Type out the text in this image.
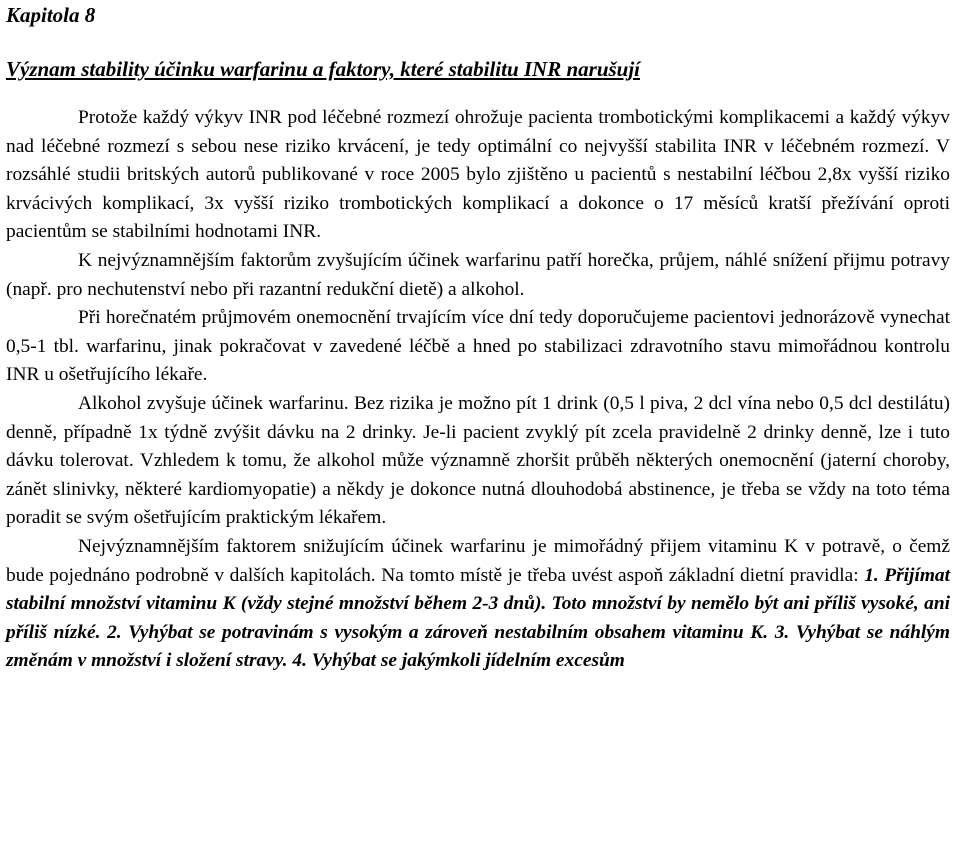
Kapitola 8
Význam stability účinku warfarinu a faktory, které stabilitu INR narušují

Protože každý výkyv INR pod léčebné rozmezí ohrožuje pacienta trombotickými komplikacemi a každý výkyv nad léčebné rozmezí s sebou nese riziko krvácení, je tedy optimální co nejvyšší stabilita INR v léčebném rozmezí. V rozsáhlé studii britských autorů publikované v roce 2005 bylo zjištěno u pacientů s nestabilní léčbou 2,8x vyšší riziko krvácivých komplikací, 3x vyšší riziko trombotických komplikací a dokonce o 17 měsíců kratší přežívání oproti pacientům se stabilními hodnotami INR.

K nejvýznamnějším faktorům zvyšujícím účinek warfarinu patří horečka, průjem, náhlé snížení přijmu potravy (např. pro nechutenství nebo při razantní redukční dietě) a alkohol.

Při horečnatém průjmovém onemocnění trvajícím více dní tedy doporučujeme pacientovi jednorázově vynechat 0,5-1 tbl. warfarinu, jinak pokračovat v zavedené léčbě a hned po stabilizaci zdravotního stavu mimořádnou kontrolu INR u ošetřujícího lékaře.

Alkohol zvyšuje účinek warfarinu. Bez rizika je možno pít 1 drink (0,5 l piva, 2 dcl vína nebo 0,5 dcl destilátu) denně, případně 1x týdně zvýšit dávku na 2 drinky. Je-li pacient zvyklý pít zcela pravidelně 2 drinky denně, lze i tuto dávku tolerovat. Vzhledem k tomu, že alkohol může významně zhoršit průběh některých onemocnění (jaterní choroby, zánět slinivky, některé kardiomyopatie) a někdy je dokonce nutná dlouhodobá abstinence, je třeba se vždy na toto téma poradit se svým ošetřujícím praktickým lékařem.

Nejvýznamnějším faktorem snižujícím účinek warfarinu je mimořádný přijem vitaminu K v potravě, o čemž bude pojednáno podrobně v dalších kapitolách. Na tomto místě je třeba uvést aspoň základní dietní pravidla: 1. Přijímat stabilní množství vitaminu K (vždy stejné množství během 2-3 dnů). Toto množství by nemělo být ani příliš vysoké, ani příliš nízké. 2. Vyhýbat se potravinám s vysokým a zároveň nestabilním obsahem vitaminu K. 3. Vyhýbat se náhlým změnám v množství i složení stravy. 4. Vyhýbat se jakýmkoli jídelním excesům
